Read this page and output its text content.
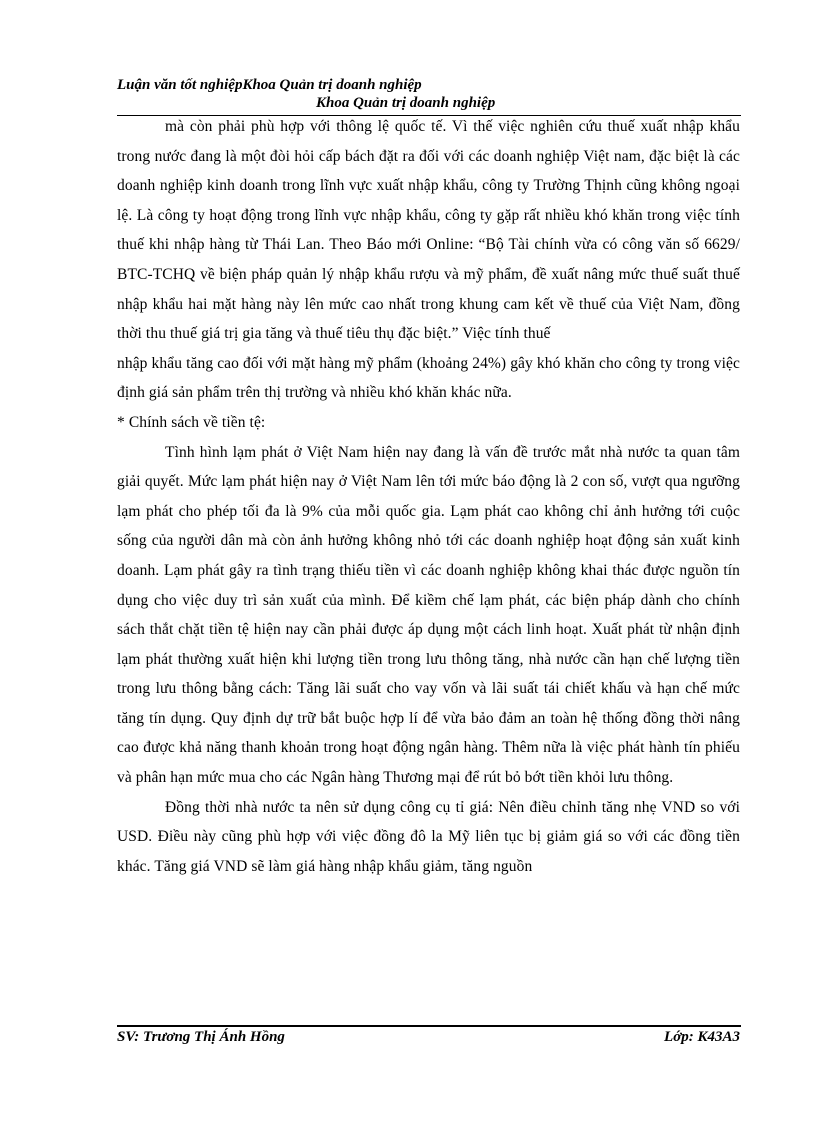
Luận văn tốt nghiệpKhoa Quản trị doanh nghiệp
Khoa Quản trị doanh nghiệp

mà còn phải phù hợp với thông lệ quốc tế. Vì thế việc nghiên cứu thuế xuất nhập khẩu trong nước đang là một đòi hỏi cấp bách đặt ra đối với các doanh nghiệp Việt nam, đặc biệt là các doanh nghiệp kinh doanh trong lĩnh vực xuất nhập khẩu, công ty Trường Thịnh cũng không ngoại lệ. Là công ty hoạt động trong lĩnh vực nhập khẩu, công ty gặp rất nhiều khó khăn trong việc tính thuế khi nhập hàng từ Thái Lan. Theo Báo mới Online: “Bộ Tài chính vừa có công văn số 6629/ BTC-TCHQ về biện pháp quản lý nhập khẩu rượu và mỹ phẩm, đề xuất nâng mức thuế suất thuế nhập khẩu hai mặt hàng này lên mức cao nhất trong khung cam kết về thuế của Việt Nam, đồng thời thu thuế giá trị gia tăng và thuế tiêu thụ đặc biệt.” Việc tính thuế

nhập khẩu tăng cao đối với mặt hàng mỹ phẩm (khoảng 24%) gây khó khăn cho công ty trong việc định giá sản phẩm trên thị trường và nhiều khó khăn khác nữa.

* Chính sách về tiền tệ:

Tình hình lạm phát ở Việt Nam hiện nay đang là vấn đề trước mắt nhà nước ta quan tâm giải quyết. Mức lạm phát hiện nay ở Việt Nam lên tới mức báo động là 2 con số, vượt qua ngưỡng lạm phát cho phép tối đa là 9% của mỗi quốc gia. Lạm phát cao không chỉ ảnh hưởng tới cuộc sống của người dân mà còn ảnh hưởng không nhỏ tới các doanh nghiệp hoạt động sản xuất kinh doanh. Lạm phát gây ra tình trạng thiếu tiền vì các doanh nghiệp không khai thác được nguồn tín dụng cho việc duy trì sản xuất của mình. Để kiềm chế lạm phát, các biện pháp dành cho chính sách thắt chặt tiền tệ hiện nay cần phải được áp dụng một cách linh hoạt. Xuất phát từ nhận định lạm phát thường xuất hiện khi lượng tiền trong lưu thông tăng, nhà nước cần hạn chế lượng tiền trong lưu thông bằng cách: Tăng lãi suất cho vay vốn và lãi suất tái chiết khấu và hạn chế mức tăng tín dụng. Quy định dự trữ bắt buộc hợp lí để vừa bảo đảm an toàn hệ thống đồng thời nâng cao được khả năng thanh khoản trong hoạt động ngân hàng. Thêm nữa là việc phát hành tín phiếu và phân hạn mức mua cho các Ngân hàng Thương mại để rút bỏ bớt tiền khỏi lưu thông.

Đồng thời nhà nước ta nên sử dụng công cụ tỉ giá: Nên điều chỉnh tăng nhẹ VND so với USD. Điều này cũng phù hợp với việc đồng đô la Mỹ liên tục bị giảm giá so với các đồng tiền khác. Tăng giá VND sẽ làm giá hàng nhập khẩu giảm, tăng nguồn

SV: Trương Thị Ánh Hồng	Lớp: K43A3
